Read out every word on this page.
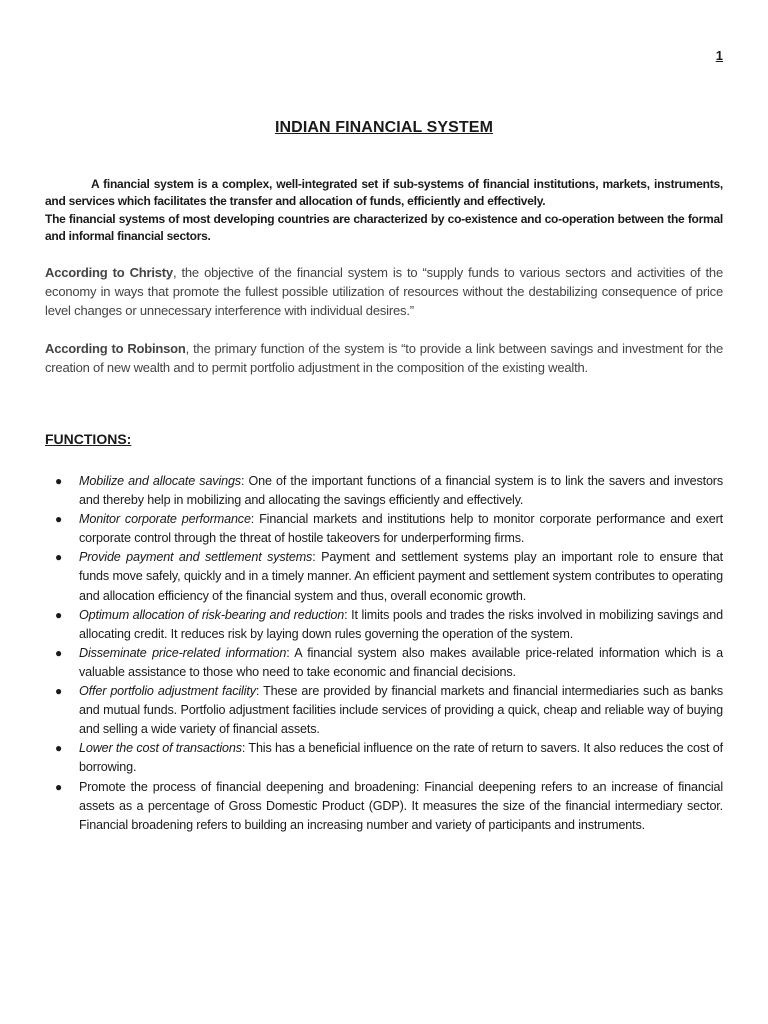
1
INDIAN FINANCIAL SYSTEM

A financial system is a complex, well-integrated set if sub-systems of financial institutions, markets, instruments, and services which facilitates the transfer and allocation of funds, efficiently and effectively.
The financial systems of most developing countries are characterized by co-existence and co-operation between the formal and informal financial sectors.

According to Christy, the objective of the financial system is to “supply funds to various sectors and activities of the economy in ways that promote the fullest possible utilization of resources without the destabilizing consequence of price level changes or unnecessary interference with individual desires.”

According to Robinson, the primary function of the system is “to provide a link between savings and investment for the creation of new wealth and to permit portfolio adjustment in the composition of the existing wealth.

FUNCTIONS:
● Mobilize and allocate savings: One of the important functions of a financial system is to link the savers and investors and thereby help in mobilizing and allocating the savings efficiently and effectively.
● Monitor corporate performance: Financial markets and institutions help to monitor corporate performance and exert corporate control through the threat of hostile takeovers for underperforming firms.
● Provide payment and settlement systems: Payment and settlement systems play an important role to ensure that funds move safely, quickly and in a timely manner. An efficient payment and settlement system contributes to operating and allocation efficiency of the financial system and thus, overall economic growth.
● Optimum allocation of risk-bearing and reduction: It limits pools and trades the risks involved in mobilizing savings and allocating credit. It reduces risk by laying down rules governing the operation of the system.
● Disseminate price-related information: A financial system also makes available price-related information which is a valuable assistance to those who need to take economic and financial decisions.
● Offer portfolio adjustment facility: These are provided by financial markets and financial intermediaries such as banks and mutual funds. Portfolio adjustment facilities include services of providing a quick, cheap and reliable way of buying and selling a wide variety of financial assets.
● Lower the cost of transactions: This has a beneficial influence on the rate of return to savers. It also reduces the cost of borrowing.
● Promote the process of financial deepening and broadening: Financial deepening refers to an increase of financial assets as a percentage of Gross Domestic Product (GDP). It measures the size of the financial intermediary sector. Financial broadening refers to building an increasing number and variety of participants and instruments.
